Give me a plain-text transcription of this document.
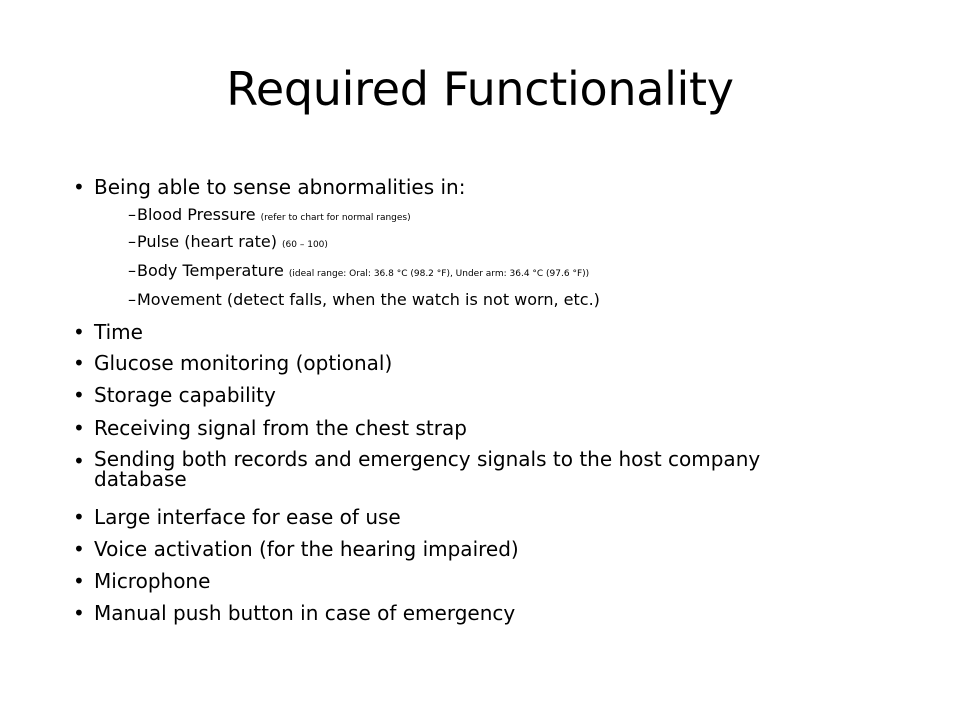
Required Functionality
• Being able to sense abnormalities in:
– Blood Pressure (refer to chart for normal ranges)
– Pulse (heart rate) (60 – 100)
– Body Temperature (ideal range: Oral: 36.8 °C (98.2 °F), Under arm: 36.4 °C (97.6 °F))
– Movement (detect falls, when the watch is not worn, etc.)
• Time
• Glucose monitoring (optional)
• Storage capability
• Receiving signal from the chest strap
• Sending both records and emergency signals to the host company database
• Large interface for ease of use
• Voice activation (for the hearing impaired)
• Microphone
• Manual push button in case of emergency
